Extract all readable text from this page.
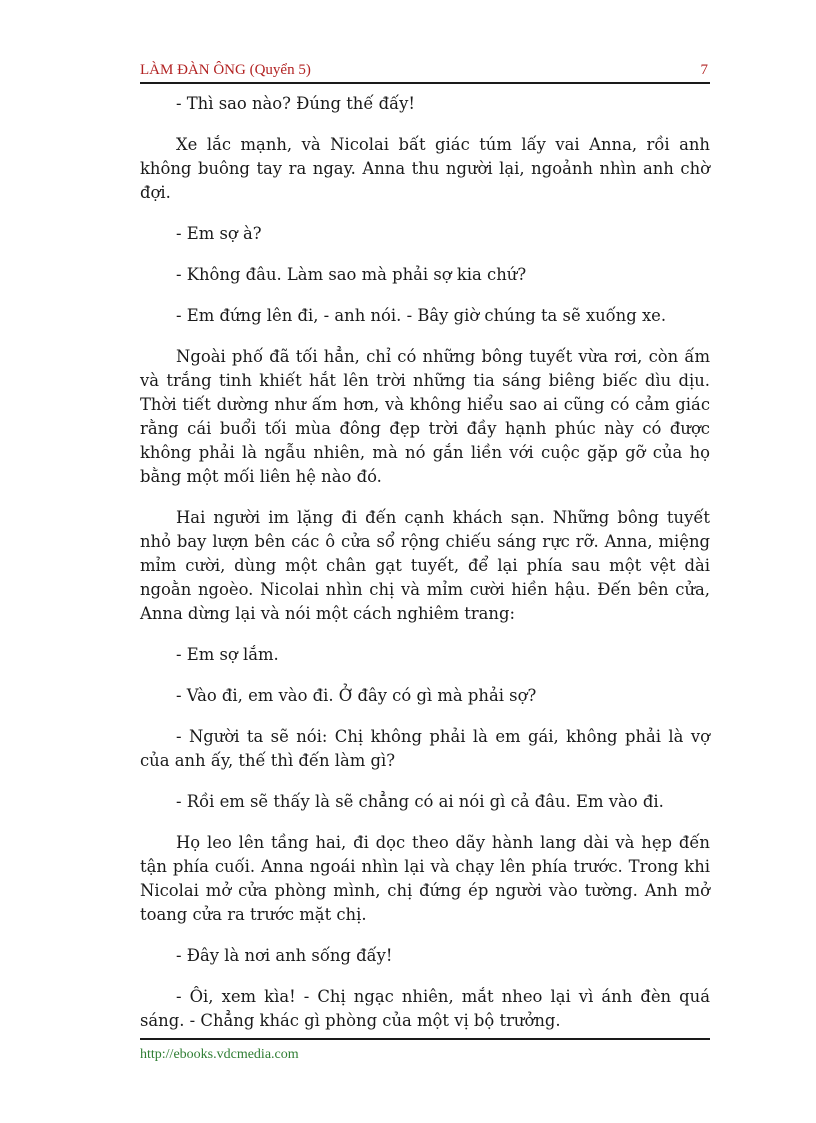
LÀM ĐÀN ÔNG (Quyển 5)	7

- Thì sao nào? Đúng thế đấy!

Xe lắc mạnh, và Nicolai bất giác túm lấy vai Anna, rồi anh không buông tay ra ngay. Anna thu người lại, ngoảnh nhìn anh chờ đợi.

- Em sợ à?

- Không đâu. Làm sao mà phải sợ kia chứ?

- Em đứng lên đi, - anh nói. - Bây giờ chúng ta sẽ xuống xe.

Ngoài phố đã tối hẳn, chỉ có những bông tuyết vừa rơi, còn ấm và trắng tinh khiết hắt lên trời những tia sáng biêng biếc dìu dịu. Thời tiết dường như ấm hơn, và không hiểu sao ai cũng có cảm giác rằng cái buổi tối mùa đông đẹp trời đầy hạnh phúc này có được không phải là ngẫu nhiên, mà nó gắn liền với cuộc gặp gỡ của họ bằng một mối liên hệ nào đó.

Hai người im lặng đi đến cạnh khách sạn. Những bông tuyết nhỏ bay lượn bên các ô cửa sổ rộng chiếu sáng rực rỡ. Anna, miệng mỉm cười, dùng một chân gạt tuyết, để lại phía sau một vệt dài ngoằn ngoèo. Nicolai nhìn chị và mỉm cười hiền hậu. Đến bên cửa, Anna dừng lại và nói một cách nghiêm trang:

- Em sợ lắm.

- Vào đi, em vào đi. Ở đây có gì mà phải sợ?

- Người ta sẽ nói: Chị không phải là em gái, không phải là vợ của anh ấy, thế thì đến làm gì?

- Rồi em sẽ thấy là sẽ chẳng có ai nói gì cả đâu. Em vào đi.

Họ leo lên tầng hai, đi dọc theo dãy hành lang dài và hẹp đến tận phía cuối. Anna ngoái nhìn lại và chạy lên phía trước. Trong khi Nicolai mở cửa phòng mình, chị đứng ép người vào tường. Anh mở toang cửa ra trước mặt chị.

- Đây là nơi anh sống đấy!

- Ôi, xem kìa! - Chị ngạc nhiên, mắt nheo lại vì ánh đèn quá sáng. - Chẳng khác gì phòng của một vị bộ trưởng.

http://ebooks.vdcmedia.com
